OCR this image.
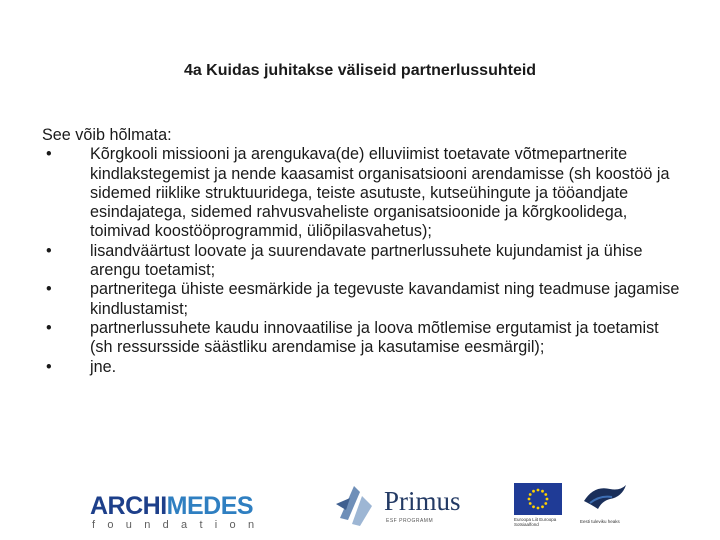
4a Kuidas juhitakse väliseid partnerlussuhteid

See võib hõlmata:

•	Kõrgkooli missiooni ja arengukava(de) elluviimist toetavate võtmepartnerite kindlakstegemist ja nende kaasamist organisatsiooni arendamisse (sh koostöö ja sidemed riiklike struktuuridega, teiste asutuste, kutseühingute ja tööandjate esindajatega, sidemed rahvusvaheliste organisatsioonide ja kõrgkoolidega, toimivad koostööprogrammid, üliõpilasvahetus);
•	lisandväärtust loovate ja suurendavate partnerlussuhete kujundamist ja ühise arengu toetamist;
•	partneritega ühiste eesmärkide ja tegevuste kavandamist ning teadmuse jagamise kindlustamist;
•	partnerlussuhete kaudu innovaatilise ja loova mõtlemise ergutamist ja toetamist (sh ressursside säästliku arendamise ja kasutamise eesmärgil);
•	jne.
ARCHIMEDES
foundation
Primus
ESF PROGRAMM	Euroopa Liit Euroopa Sotsiaalfond
Eesti tuleviku heaks
